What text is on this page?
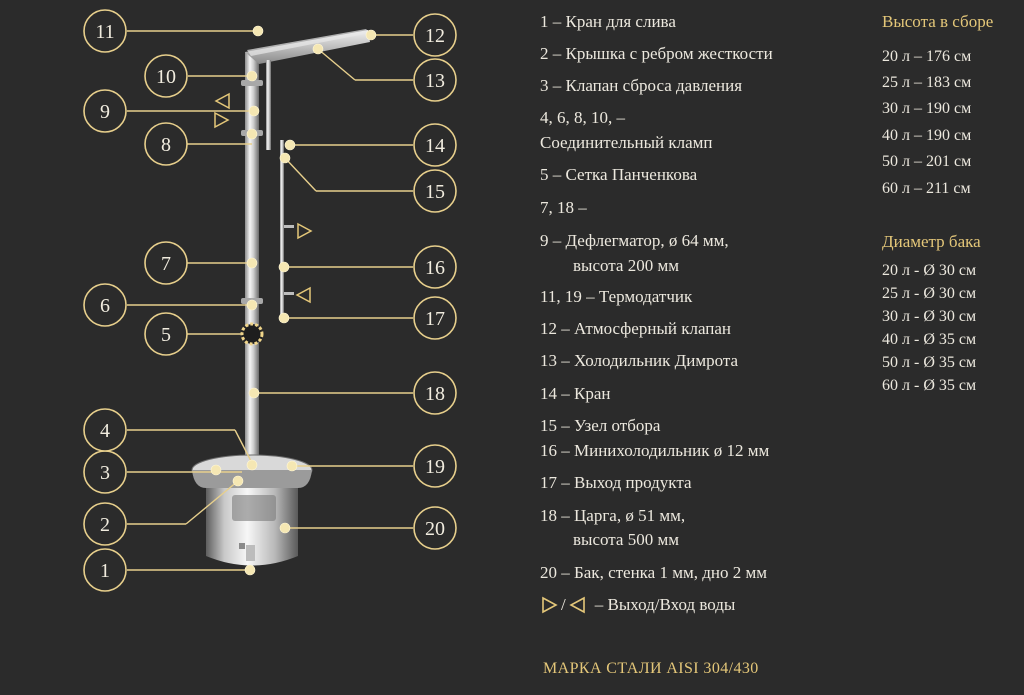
1
2
3
4
5
6
7
8
9
10
11	12
13
14
15
16
17
18
19
20
1 – Кран для слива
2 – Крышка с ребром жесткости
3 – Клапан сброса давления
4, 6, 8, 10, –
Соединительный кламп
5 – Сетка Панченкова
7, 18 –
9 – Дефлегматор, ø 64 мм,
высота 200 мм
11, 19 – Термодатчик
12 – Атмосферный клапан
13 – Холодильник Димрота
14 – Кран
15 – Узел отбора
16 – Минихолодильник ø 12 мм
17 – Выход продукта
18 – Царга, ø 51 мм,
высота 500 мм
20 – Бак, стенка 1 мм, дно 2 мм
/ – Выход/Вход воды
Высота в сборе
20 л – 176 см
25 л – 183 см
30 л – 190 см
40 л – 190 см
50 л – 201 см
60 л – 211 см
Диаметр бака
20 л - Ø 30 см
25 л - Ø 30 см
30 л - Ø 30 см
40 л - Ø 35 см
50 л - Ø 35 см
60 л - Ø 35 см
МАРКА СТАЛИ AISI 304/430
